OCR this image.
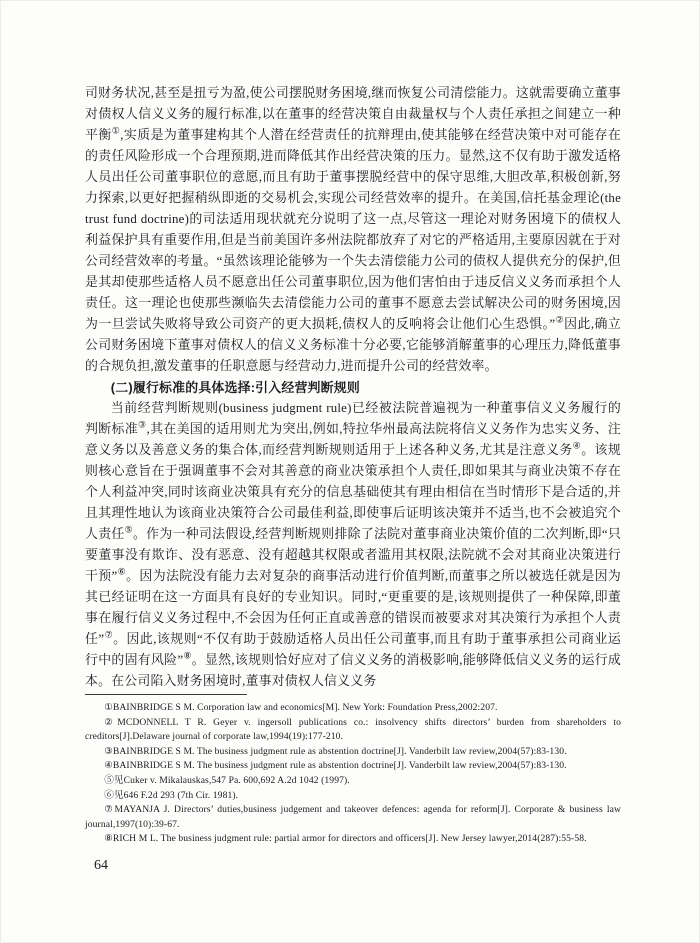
司财务状况,甚至是扭亏为盈,使公司摆脱财务困境,继而恢复公司清偿能力。这就需要确立董事对债权人信义义务的履行标准,以在董事的经营决策自由裁量权与个人责任承担之间建立一种平衡①,实质是为董事建构其个人潜在经营责任的抗辩理由,使其能够在经营决策中对可能存在的责任风险形成一个合理预期,进而降低其作出经营决策的压力。显然,这不仅有助于激发适格人员出任公司董事职位的意愿,而且有助于董事摆脱经营中的保守思维,大胆改革,积极创新,努力探索,以更好把握稍纵即逝的交易机会,实现公司经营效率的提升。在美国,信托基金理论(the trust fund doctrine)的司法适用现状就充分说明了这一点,尽管这一理论对财务困境下的债权人利益保护具有重要作用,但是当前美国许多州法院都放弃了对它的严格适用,主要原因就在于对公司经营效率的考量。“虽然该理论能够为一个失去清偿能力公司的债权人提供充分的保护,但是其却使那些适格人员不愿意出任公司董事职位,因为他们害怕由于违反信义义务而承担个人责任。这一理论也使那些濒临失去清偿能力公司的董事不愿意去尝试解决公司的财务困境,因为一旦尝试失败将导致公司资产的更大损耗,债权人的反响将会让他们心生恐惧。”②因此,确立公司财务困境下董事对债权人的信义义务标准十分必要,它能够消解董事的心理压力,降低董事的合规负担,激发董事的任职意愿与经营动力,进而提升公司的经营效率。

(二)履行标准的具体选择:引入经营判断规则

当前经营判断规则(business judgment rule)已经被法院普遍视为一种董事信义义务履行的判断标准③,其在美国的适用则尤为突出,例如,特拉华州最高法院将信义义务作为忠实义务、注意义务以及善意义务的集合体,而经营判断规则适用于上述各种义务,尤其是注意义务④。该规则核心意旨在于强调董事不会对其善意的商业决策承担个人责任,即如果其与商业决策不存在个人利益冲突,同时该商业决策具有充分的信息基础使其有理由相信在当时情形下是合适的,并且其理性地认为该商业决策符合公司最佳利益,即使事后证明该决策并不适当,也不会被追究个人责任⑤。作为一种司法假设,经营判断规则排除了法院对董事商业决策价值的二次判断,即“只要董事没有欺诈、没有恶意、没有超越其权限或者滥用其权限,法院就不会对其商业决策进行干预”⑥。因为法院没有能力去对复杂的商事活动进行价值判断,而董事之所以被选任就是因为其已经证明在这一方面具有良好的专业知识。同时,“更重要的是,该规则提供了一种保障,即董事在履行信义义务过程中,不会因为任何正直或善意的错误而被要求对其决策行为承担个人责任”⑦。因此,该规则“不仅有助于鼓励适格人员出任公司董事,而且有助于董事承担公司商业运行中的固有风险”⑧。显然,该规则恰好应对了信义义务的消极影响,能够降低信义义务的运行成本。在公司陷入财务困境时,董事对债权人信义义务

①BAINBRIDGE S M. Corporation law and economics[M]. New York: Foundation Press,2002:207.

②MCDONNELL T R. Geyer v. ingersoll publications co.: insolvency shifts directors’ burden from shareholders to creditors[J].Delaware journal of corporate law,1994(19):177-210.

③BAINBRIDGE S M. The business judgment rule as abstention doctrine[J]. Vanderbilt law review,2004(57):83-130.

④BAINBRIDGE S M. The business judgment rule as abstention doctrine[J]. Vanderbilt law review,2004(57):83-130.

⑤见Cuker v. Mikalauskas,547 Pa. 600,692 A.2d 1042 (1997).

⑥见646 F.2d 293 (7th Cir. 1981).

⑦MAYANJA J. Directors’ duties,business judgement and takeover defences: agenda for reform[J]. Corporate & business law journal,1997(10):39-67.

⑧RICH M L. The business judgment rule: partial armor for directors and officers[J]. New Jersey lawyer,2014(287):55-58.

64
